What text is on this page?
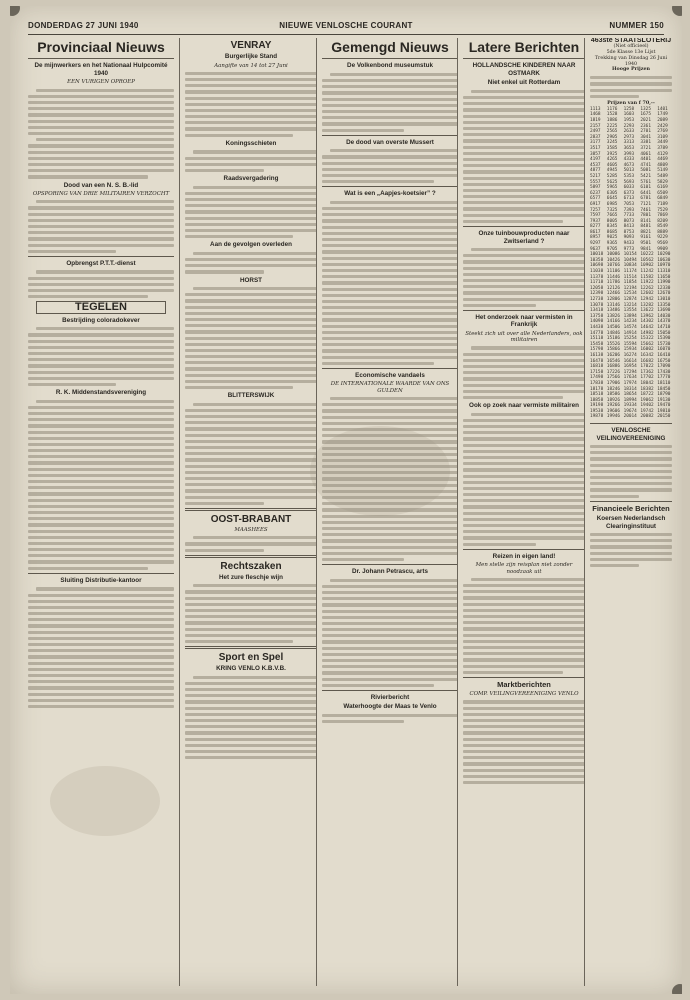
DONDERDAG 27 JUNI 1940	NIEUWE VENLOSCHE COURANT	NUMMER 150
Provinciaal Nieuws
De mijnwerkers en het Nationaal Hulpcomité 1940
EEN VURIGEN OPROEP
Dood van een N. S. B.-lid
OPSPORING VAN DRIE MILITAIREN VERZOCHT
Opbrengst P.T.T.-dienst
TEGELEN
Bestrijding coloradokever
R. K. Middenstandsvereniging
Sluiting Distributie-kantoor
VENRAY
Burgerlijke Stand
Aangifte van 14 tot 27 Juni
Koningsschieten
Raadsvergadering
Aan de gevolgen overleden
HORST
BLITTERSWIJK
OOST-BRABANT
MAASHEES
Rechtszaken
Het zure fleschje wijn
Sport en Spel
KRING VENLO K.B.V.B.
Gemengd Nieuws
De Volkenbond museumstuk
De dood van overste Mussert
Wat is een „Aapjes-koetsier” ?
Economische vandaels
DE INTERNATIONALE WAARDE VAN ONS GULDEN
Dr. Johann Petrascu, arts
Rivierbericht
Waterhoogte der Maas te Venlo
Latere Berichten
HOLLANDSCHE KINDEREN NAAR OSTMARK
Niet enkel uit Rotterdam
Onze tuinbouwproducten naar Zwitserland ?
Het onderzoek naar vermisten in Frankrijk
Steekt zich uit over alle Nederlanders, ook militairen
Ook op zoek naar vermiste militairen
Reizen in eigen land!
Men stelle zijn reisplan niet zonder noodzaak uit
Marktberichten
COMP. VEILINGVEREENIGING VENLO
463ste STAATSLOTERIJ
(Niet officieel)
5de Klasse 13e Lijst
Trekking van Dinsdag 26 Juni 1940
Hooge Prijzen
Prijzen van f 70,--
1113	1176	1258	1325	1401
1468	1528	1603	1675	1749
1819	1886	1953	2021	2089
2157	2225	2293	2361	2429
2497	2565	2633	2701	2769
2837	2905	2973	3041	3109
3177	3245	3313	3381	3449
3517	3585	3653	3721	3789
3857	3925	3993	4061	4129
4197	4265	4333	4401	4469
4537	4605	4673	4741	4809
4877	4945	5013	5081	5149
5217	5285	5353	5421	5489
5557	5625	5693	5761	5829
5897	5965	6033	6101	6169
6237	6305	6373	6441	6509
6577	6645	6713	6781	6849
6917	6985	7053	7121	7189
7257	7325	7393	7461	7529
7597	7665	7733	7801	7869
7937	8005	8073	8141	8209
8277	8345	8413	8481	8549
8617	8685	8753	8821	8889
8957	9025	9093	9161	9229
9297	9365	9433	9501	9569
9637	9705	9773	9841	9909
10018 10086 10154 10222 10290
10358 10426 10494 10562 10630
10698 10766 10834 10902 10970
11038 11106 11174 11242 11310
11378 11446 11514 11582 11650
11718 11786 11854 11922 11990
12058 12126 12194 12262 12330
12398 12466 12534 12602 12670
12738 12806 12874 12942 13010
13078 13146 13214 13282 13350
13418 13486 13554 13622 13690
13758 13826 13894 13962 14030
14098 14166 14234 14302 14370
14438 14506 14574 14642 14710
14778 14846 14914 14982 15050
15118 15186 15254 15322 15390
15458 15526 15594 15662 15730
15798 15866 15934 16002 16070
16138 16206 16274 16342 16410
16478 16546 16614 16682 16750
16818 16886 16954 17022 17090
17158 17226 17294 17362 17430
17498 17566 17634 17702 17770
17838 17906 17974 18042 18110
18178 18246 18314 18382 18450
18518 18586 18654 18722 18790
18858 18926 18994 19062 19130
19198 19266 19334 19402 19470
19538 19606 19674 19742 19810
19878 19946 20014 20082 20150
VENLOSCHE VEILINGVEREENIGING
Financieele Berichten
Koersen Nederlandsch Clearinginstituut
